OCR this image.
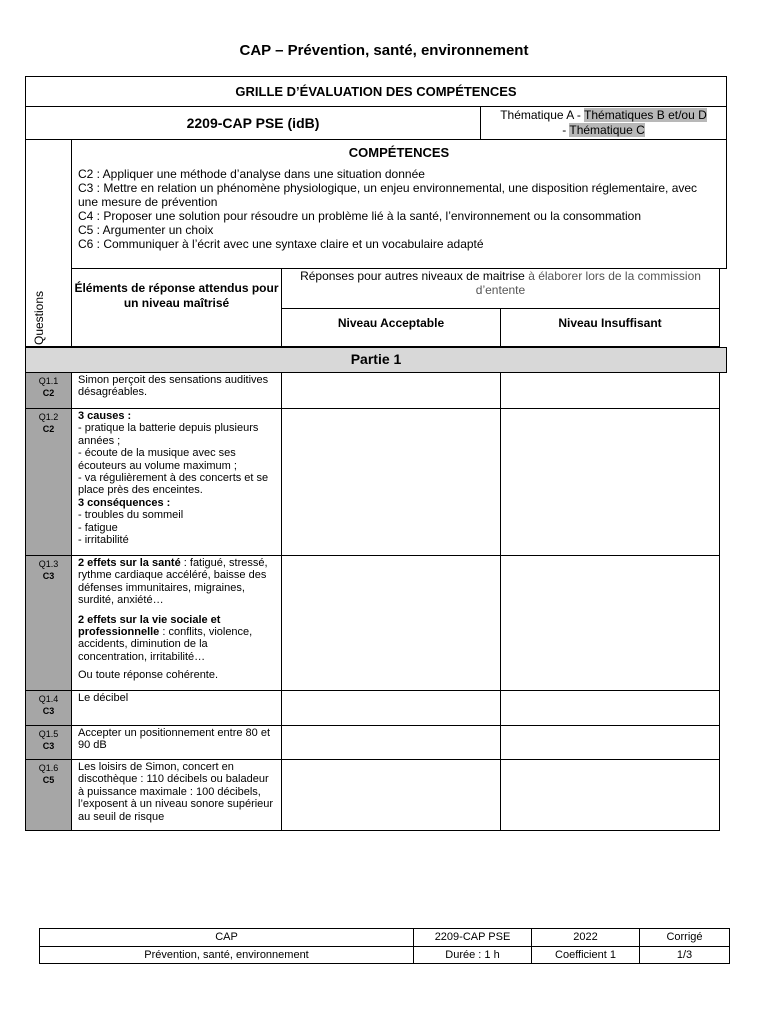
CAP – Prévention, santé, environnement
GRILLE D’ÉVALUATION DES COMPÉTENCES
2209-CAP PSE (idB)	Thématique A - Thématiques B et/ou D
- Thématique C
Questions
COMPÉTENCES
C2 : Appliquer une méthode d’analyse dans une situation donnée
C3 : Mettre en relation un phénomène physiologique, un enjeu environnemental, une disposition réglementaire, avec une mesure de prévention
C4 : Proposer une solution pour résoudre un problème lié à la santé, l’environnement ou la consommation
C5 : Argumenter un choix
C6 : Communiquer à l’écrit avec une syntaxe claire et un vocabulaire adapté
Éléments de réponse attendus pour un niveau maîtrisé
Réponses pour autres niveaux de maitrise à élaborer lors de la commission d’entente
Niveau Acceptable	Niveau Insuffisant
Partie 1
Q1.1
C2
Simon perçoit des sensations auditives désagréables.
Q1.2
C2

3 causes :

- pratique la batterie depuis plusieurs années ;

- écoute de la musique avec ses écouteurs au volume maximum ;

- va régulièrement à des concerts et se place près des enceintes.

3 conséquences :

- troubles du sommeil

- fatigue

- irritabilité

Q1.3
C3

2 effets sur la santé : fatigué, stressé, rythme cardiaque accéléré, baisse des défenses immunitaires, migraines, surdité, anxiété…

2 effets sur la vie sociale et professionnelle : conflits, violence, accidents, diminution de la concentration, irritabilité…

Ou toute réponse cohérente.

Q1.4
C3
Le décibel
Q1.5
C3
Accepter un positionnement entre 80 et 90 dB
Q1.6
C5
Les loisirs de Simon, concert en discothèque : 110 décibels ou baladeur à puissance maximale : 100 décibels, l’exposent à un niveau sonore supérieur au seuil de risque
CAP	2209-CAP PSE	2022	Corrigé
Prévention, santé, environnement	Durée : 1 h	Coefficient 1	1/3
